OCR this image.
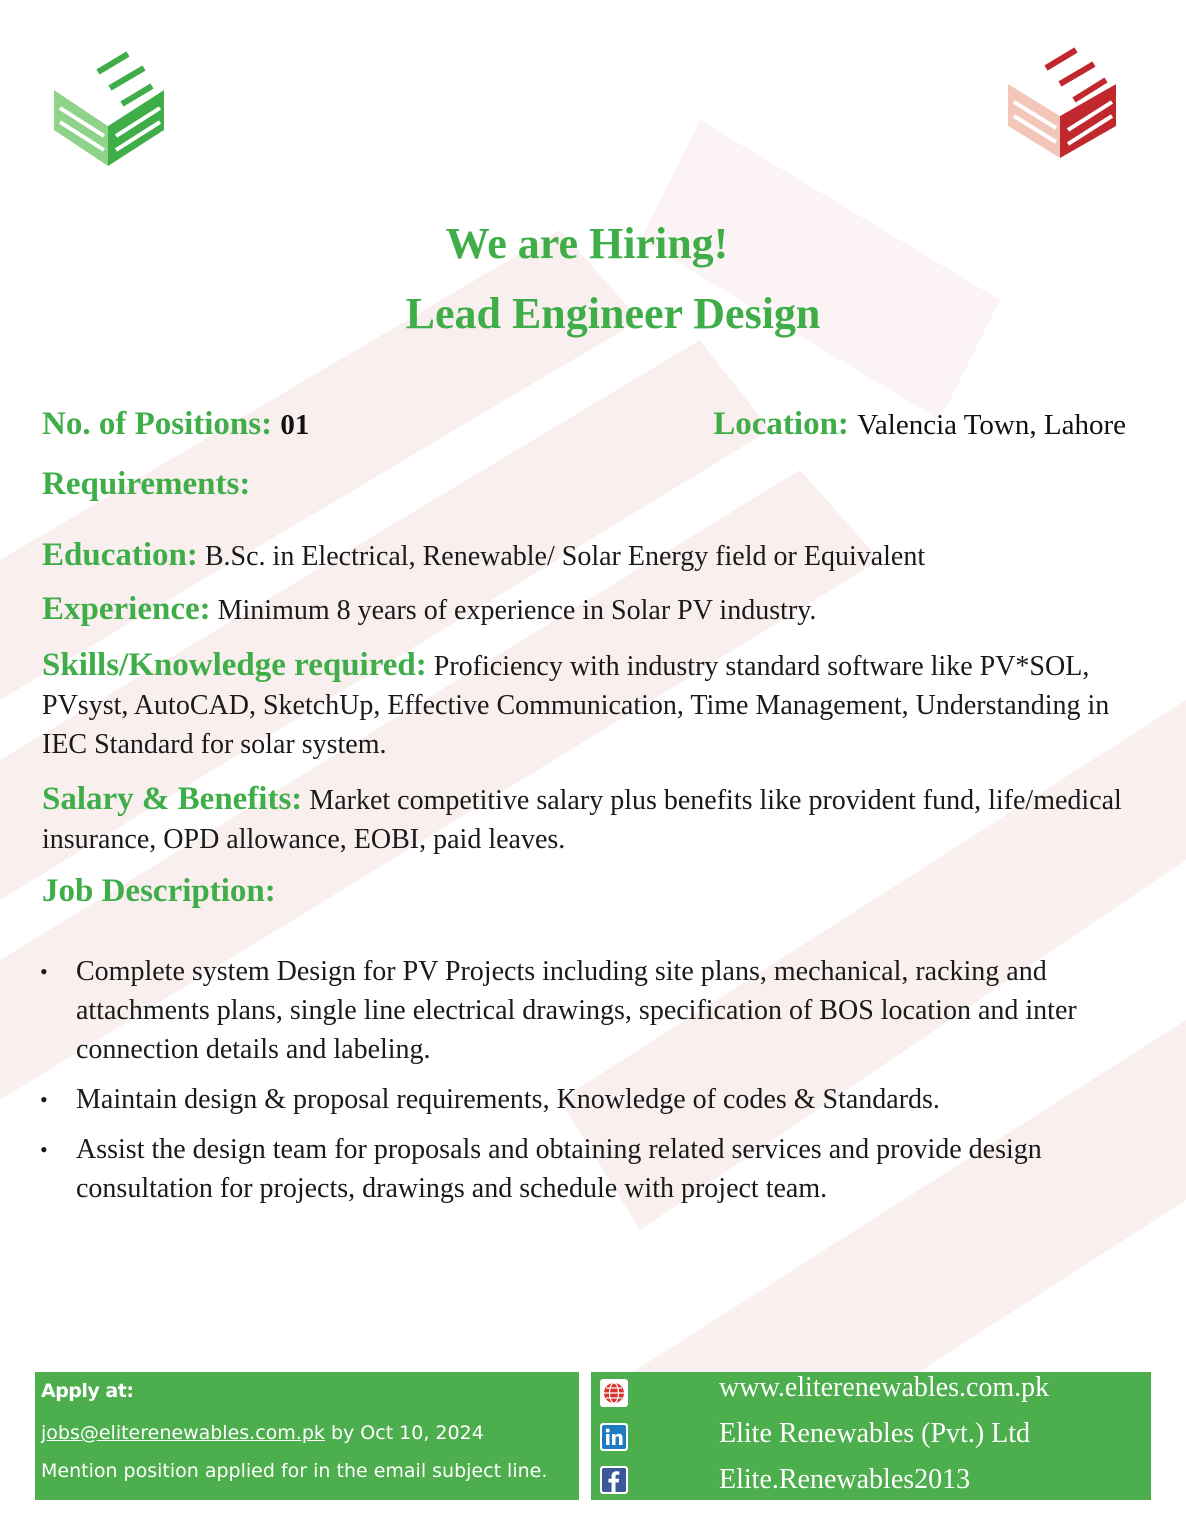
We are Hiring!
Lead Engineer Design
No. of Positions: 01	Location: Valencia Town, Lahore
Requirements:
Education: B.Sc. in Electrical, Renewable/ Solar Energy field or Equivalent
Experience: Minimum 8 years of experience in Solar PV industry.
Skills/Knowledge required: Proficiency with industry standard software like PV*SOL, PVsyst, AutoCAD, SketchUp, Effective Communication, Time Management, Understanding in IEC Standard for solar system.
Salary & Benefits: Market competitive salary plus benefits like provident fund, life/medical insurance, OPD allowance, EOBI, paid leaves.
Job Description:
• Complete system Design for PV Projects including site plans, mechanical, racking and attachments plans, single line electrical drawings, specification of BOS location and inter connection details and labeling.
• Maintain design & proposal requirements, Knowledge of codes & Standards.
• Assist the design team for proposals and obtaining related services and provide design consultation for projects, drawings and schedule with project team.
Apply at:
jobs@eliterenewables.com.pk by Oct 10, 2024
Mention position applied for in the email subject line.
www.eliterenewables.com.pk
Elite Renewables (Pvt.) Ltd
Elite.Renewables2013
